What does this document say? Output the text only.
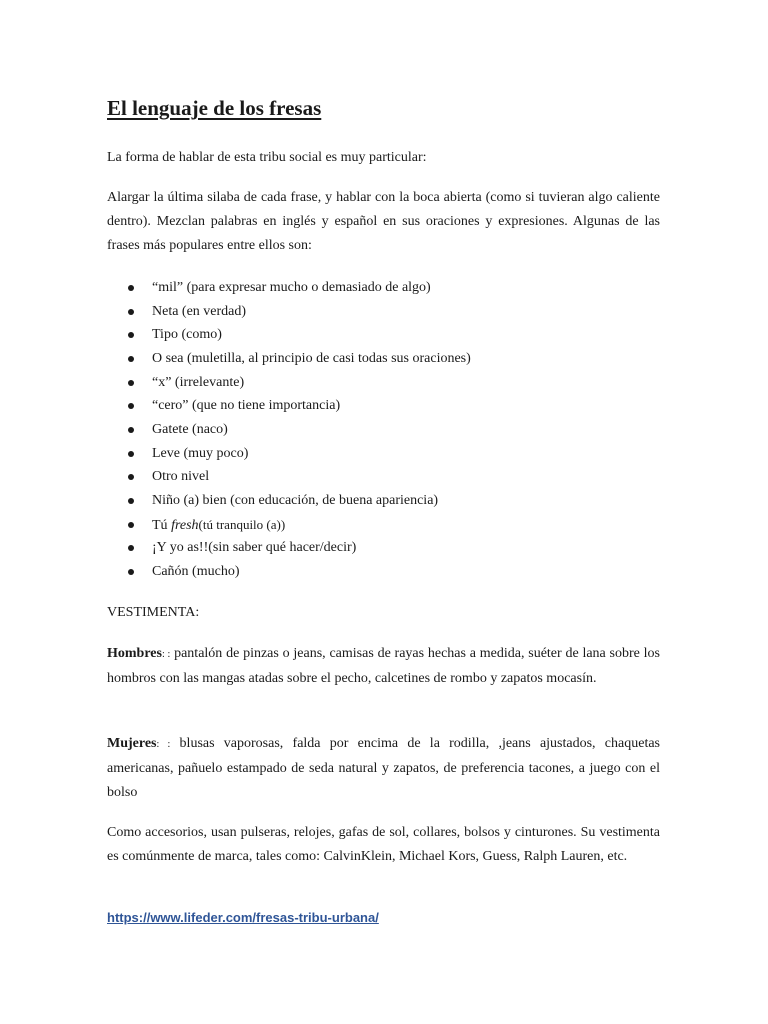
El lenguaje de los fresas

La forma de hablar de esta tribu social es muy particular:

Alargar la última silaba de cada frase, y hablar con la boca abierta (como si tuvieran algo caliente dentro). Mezclan palabras en inglés y español en sus oraciones y expresiones. Algunas de las frases más populares entre ellos son:

“mil” (para expresar mucho o demasiado de algo)
Neta (en verdad)
Tipo (como)
O sea (muletilla, al principio de casi todas sus oraciones)
“x” (irrelevante)
“cero” (que no tiene importancia)
Gatete (naco)
Leve (muy poco)
Otro nivel
Niño (a) bien (con educación, de buena apariencia)
Tú fresh(tú tranquilo (a))
¡Y yo as!!(sin saber qué hacer/decir)
Cañón (mucho)

VESTIMENTA:

Hombres: : pantalón de pinzas o jeans, camisas de rayas hechas a medida, suéter de lana sobre los hombros con las mangas atadas sobre el pecho, calcetines de rombo y zapatos mocasín.

Mujeres: : blusas vaporosas, falda por encima de la rodilla, ,jeans ajustados, chaquetas americanas, pañuelo estampado de seda natural y zapatos, de preferencia tacones, a juego con el bolso

Como accesorios, usan pulseras, relojes, gafas de sol, collares, bolsos y cinturones. Su vestimenta es comúnmente de marca, tales como: CalvinKlein, Michael Kors, Guess, Ralph Lauren, etc.

https://www.lifeder.com/fresas-tribu-urbana/
